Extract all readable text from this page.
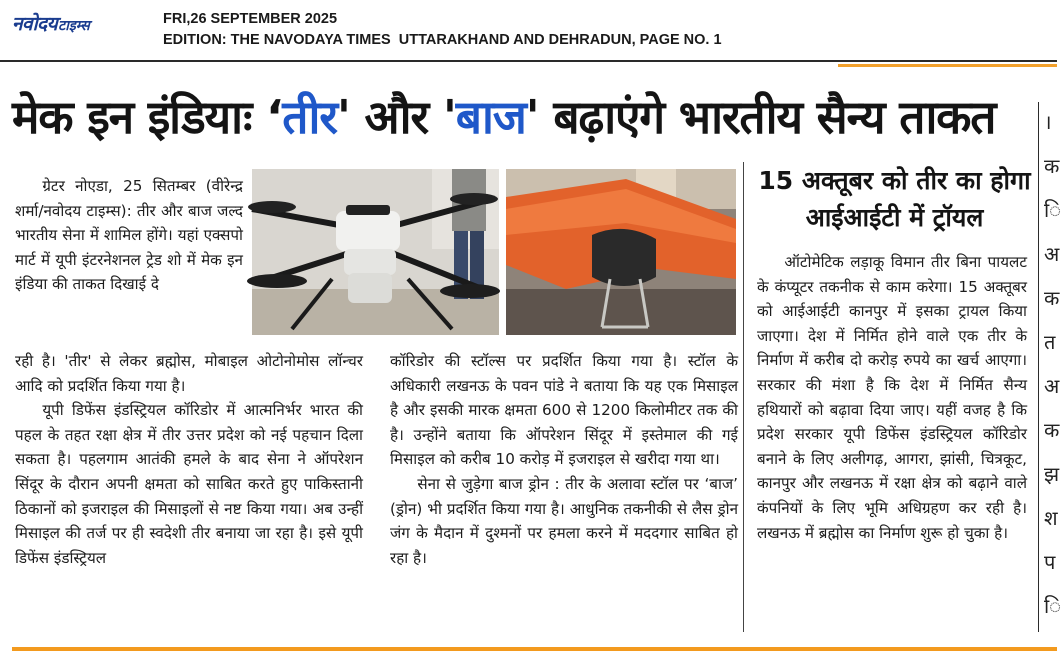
नवोदयटाइम्स	FRI,26 SEPTEMBER 2025
EDITION: THE NAVODAYA TIMES  UTTARAKHAND AND DEHRADUN, PAGE NO. 1
मेक इन इंडियाः ‘तीर' और 'बाज' बढ़ाएंगे भारतीय सैन्य ताकत

ग्रेटर नोएडा, 25 सितम्बर (वीरेन्द्र शर्मा/नवोदय टाइम्स): तीर और बाज जल्द भारतीय सेना में शामिल होंगे। यहां एक्सपो मार्ट में यूपी इंटरनेशनल ट्रेड शो में मेक इन इंडिया की ताकत दिखाई दे

रही है। 'तीर' से लेकर ब्रह्मोस, मोबाइल ओटोनोमोस लॉन्चर आदि को प्रदर्शित किया गया है।

यूपी डिफेंस इंडस्ट्रियल कॉरिडोर में आत्मनिर्भर भारत की पहल के तहत रक्षा क्षेत्र में तीर उत्तर प्रदेश को नई पहचान दिला सकता है। पहलगाम आतंकी हमले के बाद सेना ने ऑपरेशन सिंदूर के दौरान अपनी क्षमता को साबित करते हुए पाकिस्तानी ठिकानों को इजराइल की मिसाइलों से नष्ट किया गया। अब उन्हीं मिसाइल की तर्ज पर ही स्वदेशी तीर बनाया जा रहा है। इसे यूपी डिफेंस इंडस्ट्रियल

कॉरिडोर की स्टॉल्स पर प्रदर्शित किया गया है। स्टॉल के अधिकारी लखनऊ के पवन पांडे ने बताया कि यह एक मिसाइल है और इसकी मारक क्षमता 600 से 1200 किलोमीटर तक की है। उन्होंने बताया कि ऑपरेशन सिंदूर में इस्तेमाल की गई मिसाइल को करीब 10 करोड़ में इजराइल से खरीदा गया था।

सेना से जुड़ेगा बाज ड्रोन : तीर के अलावा स्टॉल पर ‘बाज’ (ड्रोन) भी प्रदर्शित किया गया है। आधुनिक तकनीकी से लैस ड्रोन जंग के मैदान में दुश्मनों पर हमला करने में मददगार साबित हो रहा है।

15 अक्तूबर को तीर का होगा आईआईटी में ट्रॉयल

ऑटोमेटिक लड़ाकू विमान तीर बिना पायलट के कंप्यूटर तकनीक से काम करेगा। 15 अक्तूबर को आईआईटी कानपुर में इसका ट्रायल किया जाएगा। देश में निर्मित होने वाले एक तीर के निर्माण में करीब दो करोड़ रुपये का खर्च आएगा। सरकार की मंशा है कि देश में निर्मित सैन्य हथियारों को बढ़ावा दिया जाए। यहीं वजह है कि प्रदेश सरकार यूपी डिफेंस इंडस्ट्रियल कॉरिडोर बनाने के लिए अलीगढ़, आगरा, झांसी, चित्रकूट, कानपुर और लखनऊ में रक्षा क्षेत्र को बढ़ाने वाले कंपनियों के लिए भूमि अधिग्रहण कर रही है। लखनऊ में ब्रह्मोस का निर्माण शुरू हो चुका है।

।
क
ि
अ
क
त
अ
क
झ
श
प
ि
